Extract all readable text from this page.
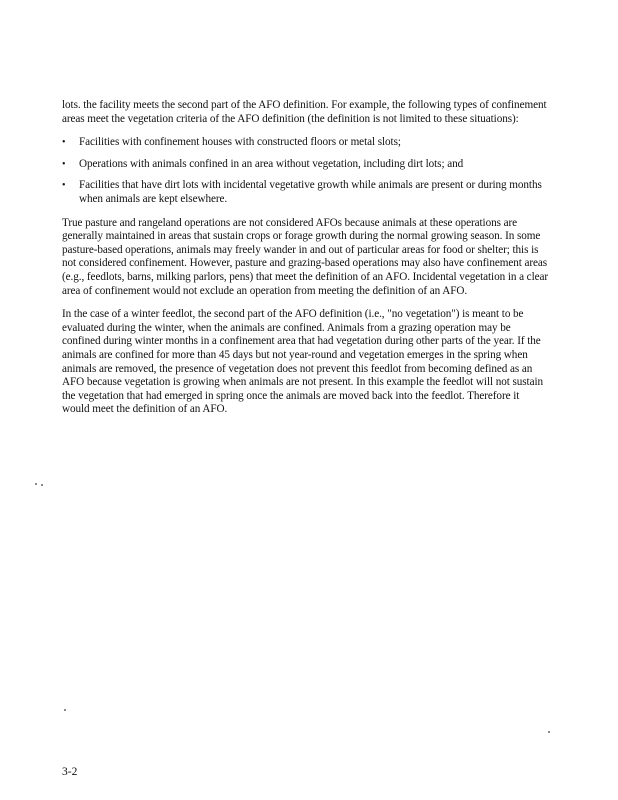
lots. the facility meets the second part of the AFO definition. For example, the following types of confinement areas meet the vegetation criteria of the AFO definition (the definition is not limited to these situations):

• Facilities with confinement houses with constructed floors or metal slots;
• Operations with animals confined in an area without vegetation, including dirt lots; and
• Facilities that have dirt lots with incidental vegetative growth while animals are present or during months when animals are kept elsewhere.

True pasture and rangeland operations are not considered AFOs because animals at these operations are generally maintained in areas that sustain crops or forage growth during the normal growing season. In some pasture-based operations, animals may freely wander in and out of particular areas for food or shelter; this is not considered confinement. However, pasture and grazing-based operations may also have confinement areas (e.g., feedlots, barns, milking parlors, pens) that meet the definition of an AFO. Incidental vegetation in a clear area of confinement would not exclude an operation from meeting the definition of an AFO.

In the case of a winter feedlot, the second part of the AFO definition (i.e., "no vegetation") is meant to be evaluated during the winter, when the animals are confined. Animals from a grazing operation may be confined during winter months in a confinement area that had vegetation during other parts of the year. If the animals are confined for more than 45 days but not year-round and vegetation emerges in the spring when animals are removed, the presence of vegetation does not prevent this feedlot from becoming defined as an AFO because vegetation is growing when animals are not present. In this example the feedlot will not sustain the vegetation that had emerged in spring once the animals are moved back into the feedlot. Therefore it would meet the definition of an AFO.

3-2
